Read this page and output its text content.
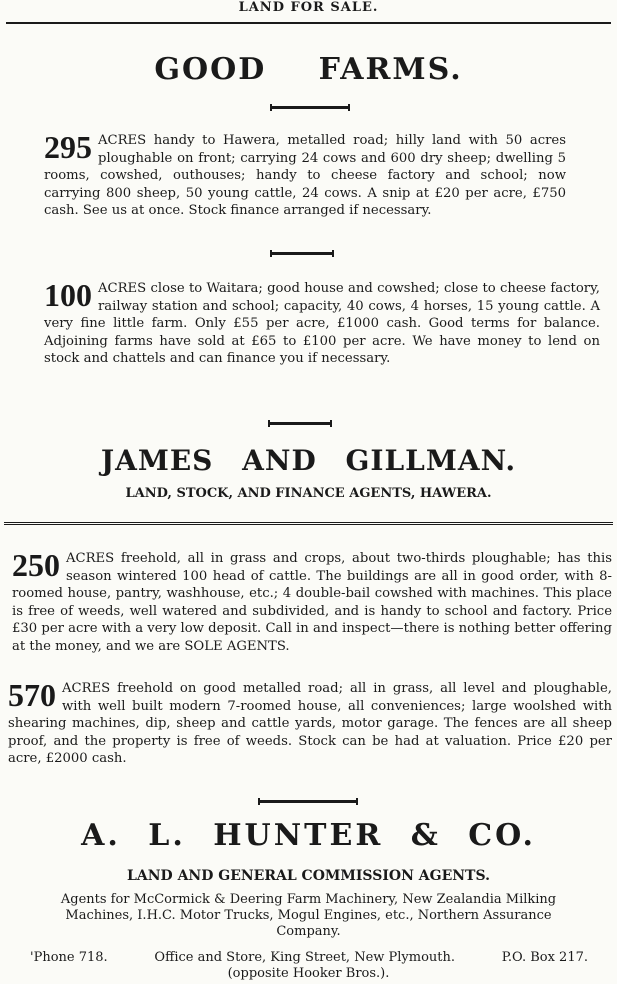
LAND FOR SALE.
GOOD FARMS.
295 ACRES handy to Hawera, metalled road; hilly land with 50 acres ploughable on front; carrying 24 cows and 600 dry sheep; dwelling 5 rooms, cowshed, outhouses; handy to cheese factory and school; now carrying 800 sheep, 50 young cattle, 24 cows. A snip at £20 per acre, £750 cash. See us at once. Stock finance arranged if necessary.
100 ACRES close to Waitara; good house and cowshed; close to cheese factory, railway station and school; capacity, 40 cows, 4 horses, 15 young cattle. A very fine little farm. Only £55 per acre, £1000 cash. Good terms for balance. Adjoining farms have sold at £65 to £100 per acre. We have money to lend on stock and chattels and can finance you if necessary.
JAMES AND GILLMAN.
LAND, STOCK, AND FINANCE AGENTS, HAWERA.
250 ACRES freehold, all in grass and crops, about two-thirds ploughable; has this season wintered 100 head of cattle. The buildings are all in good order, with 8-roomed house, pantry, washhouse, etc.; 4 double-bail cowshed with machines. This place is free of weeds, well watered and subdivided, and is handy to school and factory. Price £30 per acre with a very low deposit. Call in and inspect—there is nothing better offering at the money, and we are SOLE AGENTS.
570 ACRES freehold on good metalled road; all in grass, all level and ploughable, with well built modern 7-roomed house, all conveniences; large woolshed with shearing machines, dip, sheep and cattle yards, motor garage. The fences are all sheep proof, and the property is free of weeds. Stock can be had at valuation. Price £20 per acre, £2000 cash.
A. L. HUNTER & CO.
LAND AND GENERAL COMMISSION AGENTS.
Agents for McCormick & Deering Farm Machinery, New Zealandia Milking Machines, I.H.C. Motor Trucks, Mogul Engines, etc., Northern Assurance Company.
'Phone 718.	Office and Store, King Street, New Plymouth.	P.O. Box 217.
(opposite Hooker Bros.).
